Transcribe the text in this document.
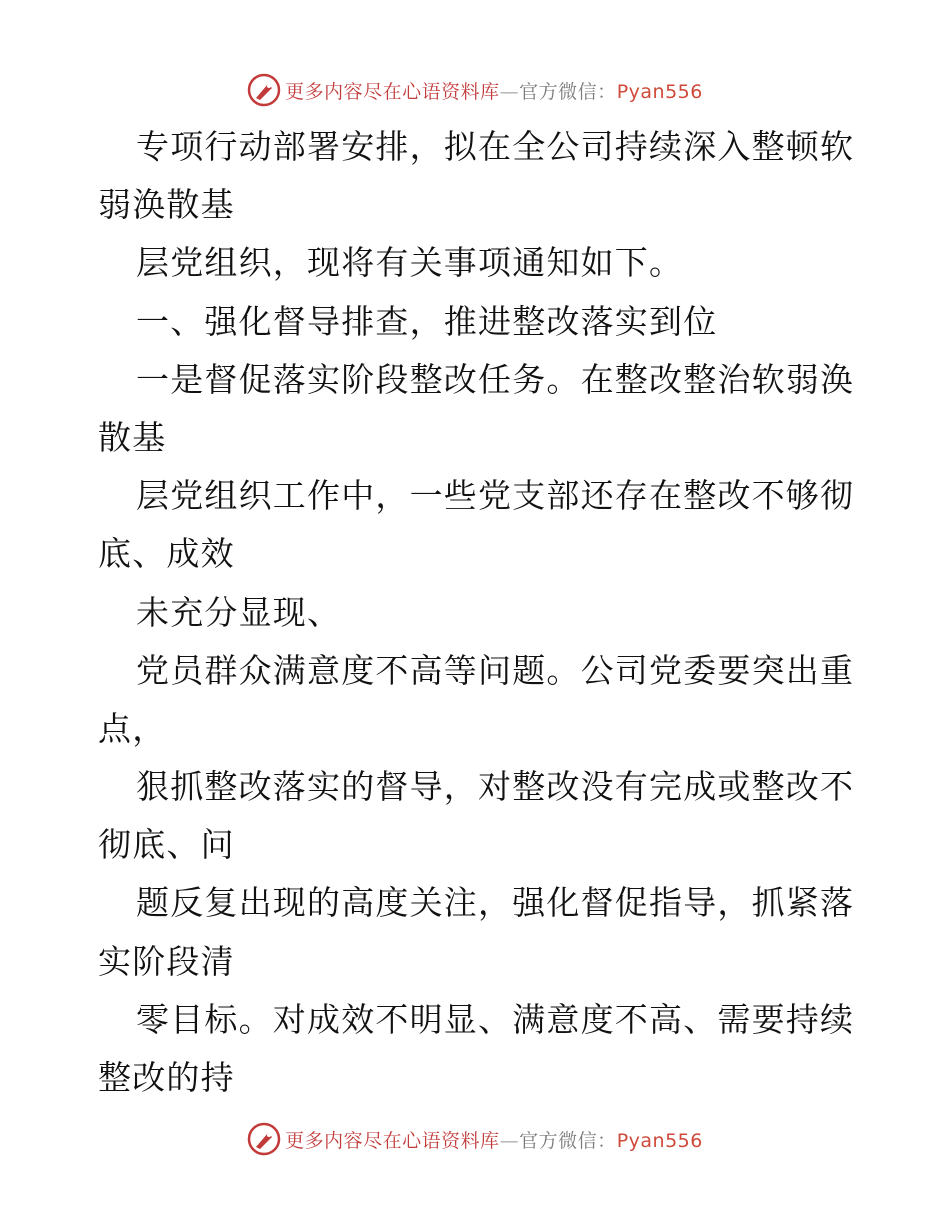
更多内容尽在心语资料库—官方微信：Pyan556
专项行动部署安排，拟在全公司持续深入整顿软
弱涣散基
层党组织，现将有关事项通知如下。
一、强化督导排查，推进整改落实到位
一是督促落实阶段整改任务。在整改整治软弱涣
散基
层党组织工作中，一些党支部还存在整改不够彻
底、成效
未充分显现、
党员群众满意度不高等问题。公司党委要突出重
点，
狠抓整改落实的督导，对整改没有完成或整改不
彻底、问
题反复出现的高度关注，强化督促指导，抓紧落
实阶段清
零目标。对成效不明显、满意度不高、需要持续
整改的持
更多内容尽在心语资料库—官方微信：Pyan556
